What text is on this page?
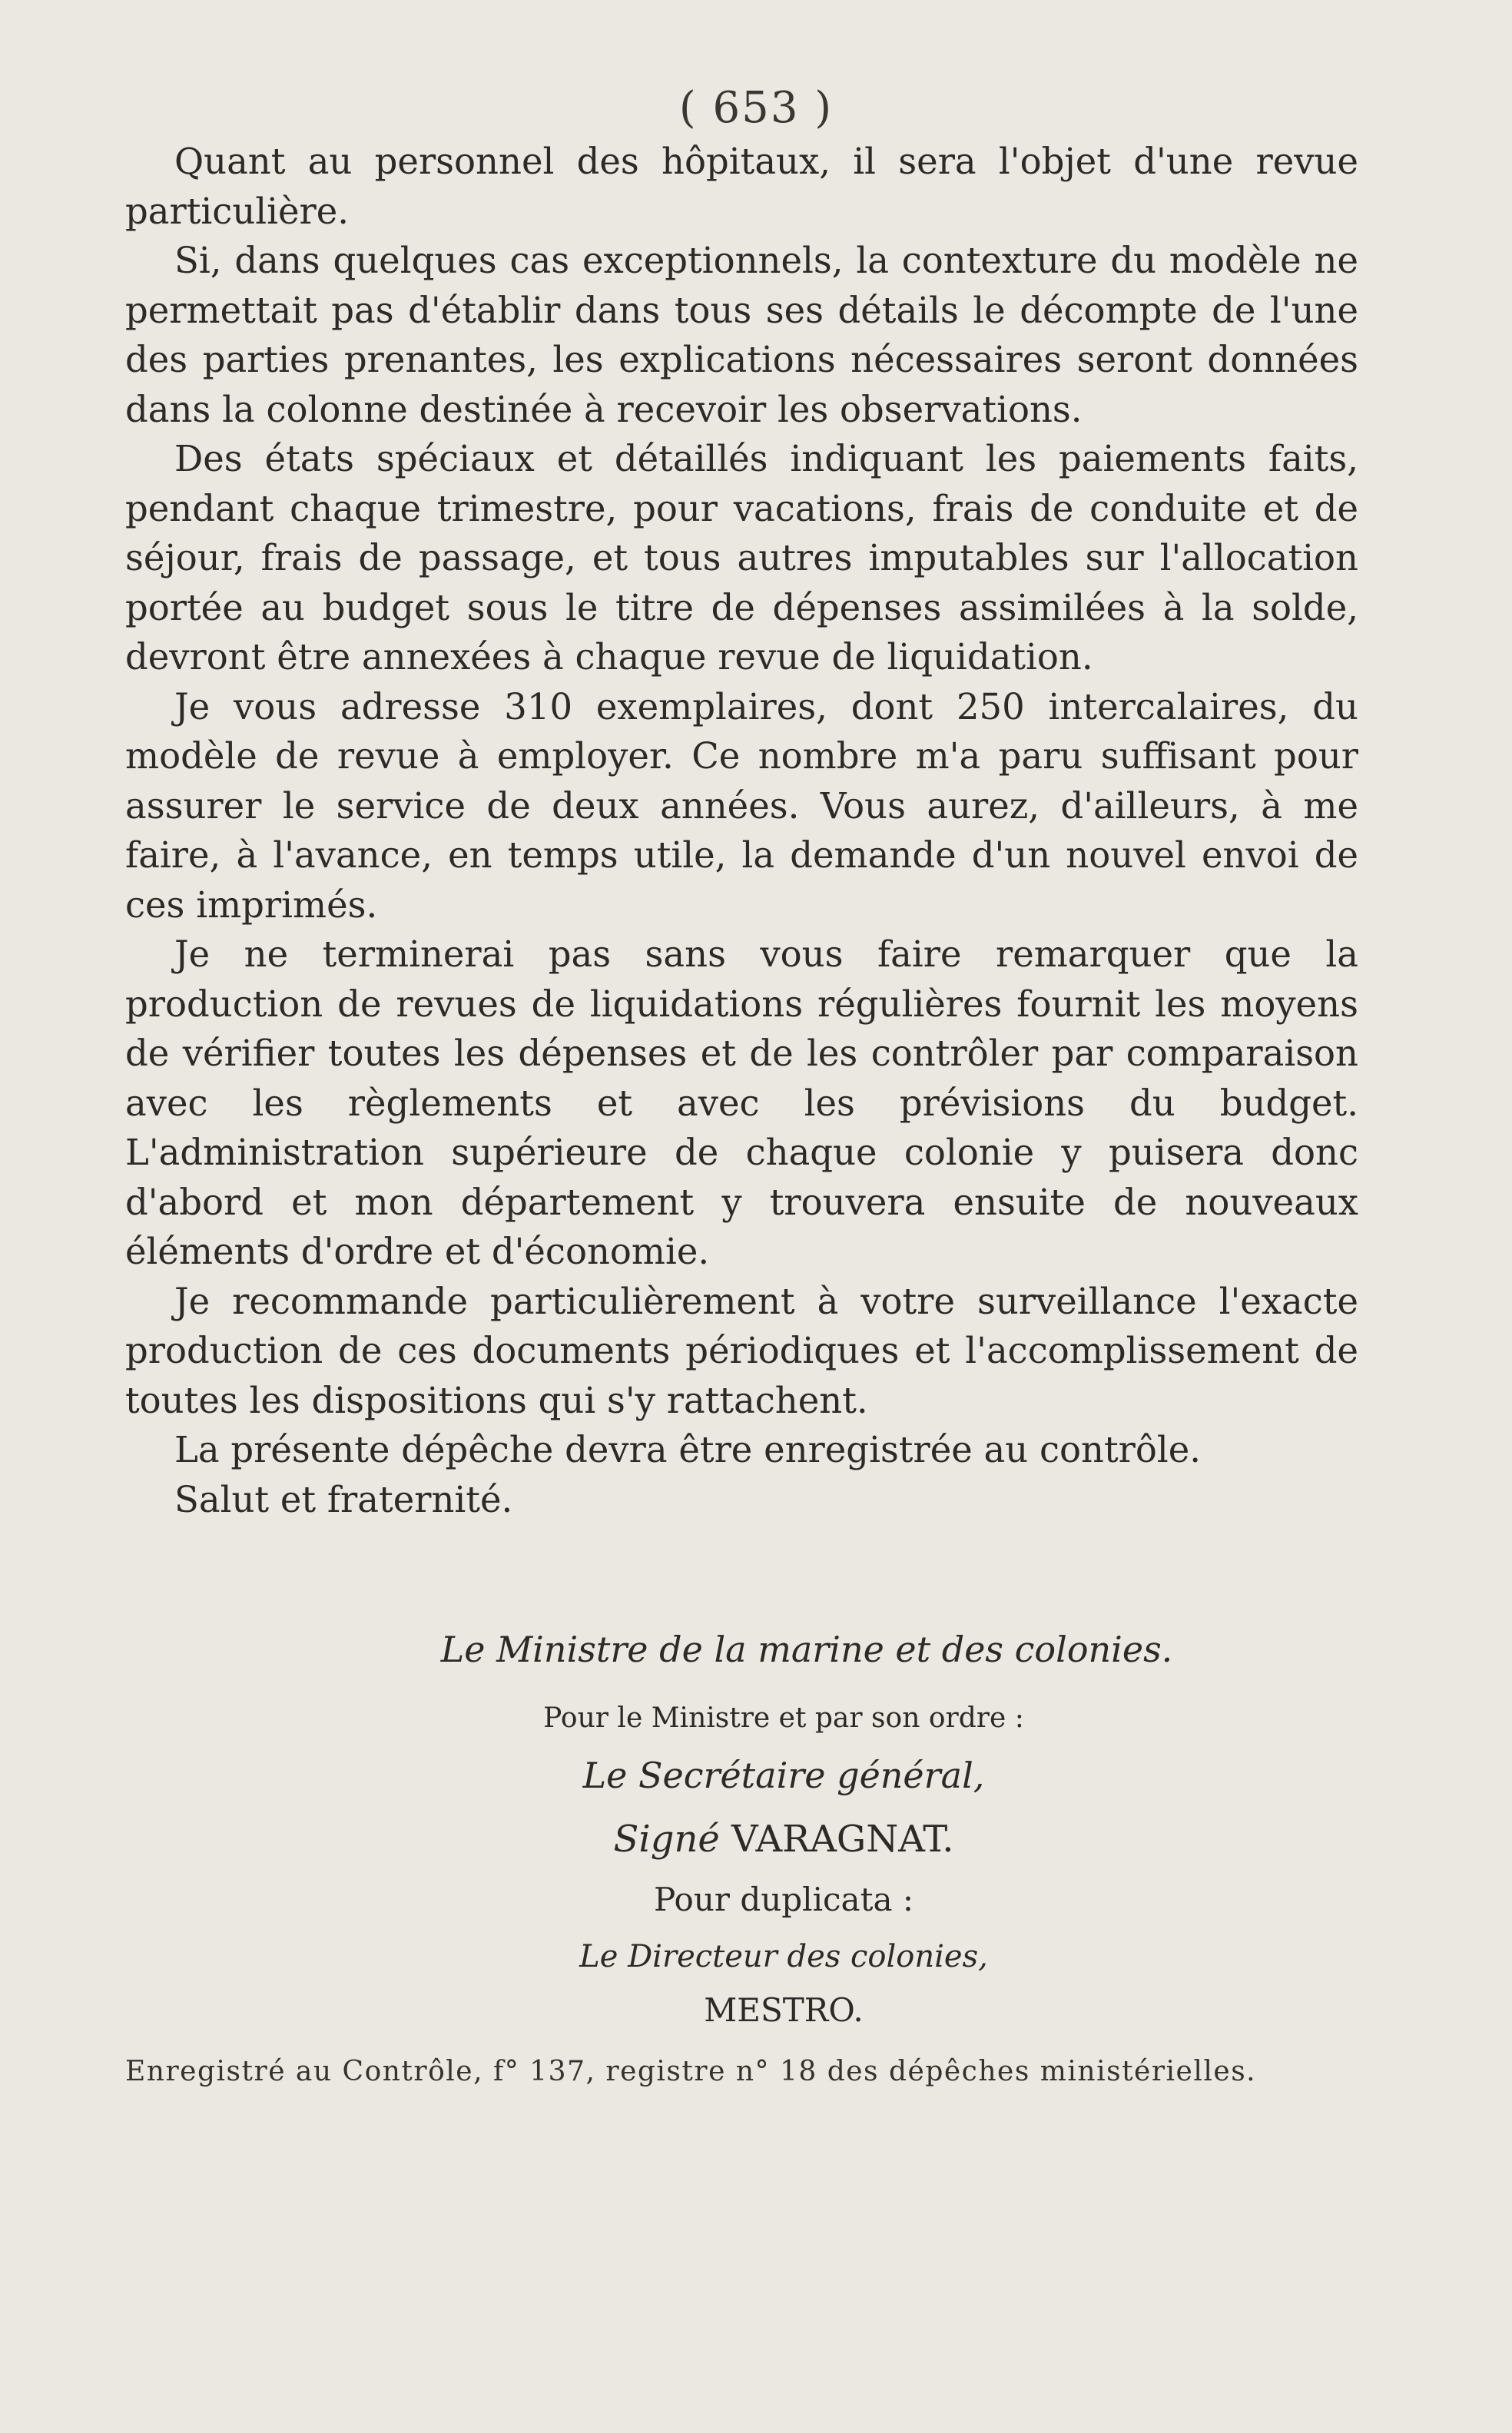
( 653 )

Quant au personnel des hôpitaux, il sera l'objet d'une revue particulière.

Si, dans quelques cas exceptionnels, la contexture du modèle ne permettait pas d'établir dans tous ses détails le décompte de l'une des parties prenantes, les explications nécessaires seront données dans la colonne destinée à recevoir les observations.

Des états spéciaux et détaillés indiquant les paiements faits, pendant chaque trimestre, pour vacations, frais de conduite et de séjour, frais de passage, et tous autres imputables sur l'allocation portée au budget sous le titre de dépenses assimilées à la solde, devront être annexées à chaque revue de liquidation.

Je vous adresse 310 exemplaires, dont 250 intercalaires, du modèle de revue à employer. Ce nombre m'a paru suffisant pour assurer le service de deux années. Vous aurez, d'ailleurs, à me faire, à l'avance, en temps utile, la demande d'un nouvel envoi de ces imprimés.

Je ne terminerai pas sans vous faire remarquer que la production de revues de liquidations régulières fournit les moyens de vérifier toutes les dépenses et de les contrôler par comparaison avec les règlements et avec les prévisions du budget. L'administration supérieure de chaque colonie y puisera donc d'abord et mon département y trouvera ensuite de nouveaux éléments d'ordre et d'économie.

Je recommande particulièrement à votre surveillance l'exacte production de ces documents périodiques et l'accomplissement de toutes les dispositions qui s'y rattachent.

La présente dépêche devra être enregistrée au contrôle.

Salut et fraternité.

Le Ministre de la marine et des colonies.
Pour le Ministre et par son ordre :
Le Secrétaire général,
Signé VARAGNAT.
Pour duplicata :
Le Directeur des colonies,
MESTRO.
Enregistré au Contrôle, f° 137, registre n° 18 des dépêches ministérielles.
